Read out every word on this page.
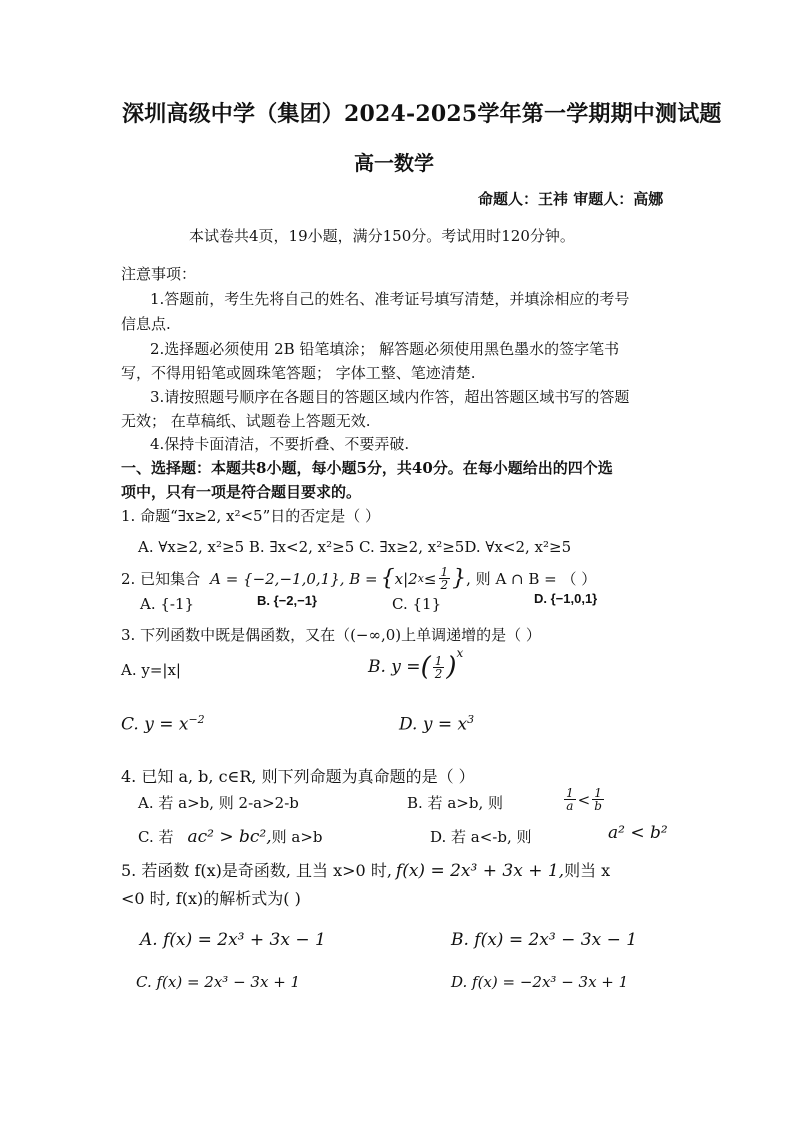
深圳高级中学（集团）2024-2025学年第一学期期中测试题
高一数学
命题人：王祎 审题人：高娜
本试卷共4页，19小题，满分150分。考试用时120分钟。
注意事项：
1.答题前，考生先将自己的姓名、准考证号填写清楚，并填涂相应的考号
信息点.
2.选择题必须使用 2B 铅笔填涂； 解答题必须使用黑色墨水的签字笔书
写，不得用铅笔或圆珠笔答题； 字体工整、笔迹清楚.
3.请按照题号顺序在各题目的答题区域内作答，超出答题区域书写的答题
无效； 在草稿纸、试题卷上答题无效.
4.保持卡面清洁，不要折叠、不要弄破.
一、选择题：本题共8小题，每小题5分，共40分。在每小题给出的四个选
项中，只有一项是符合题目要求的。
1. 命题“∃x≥2, x²<5”日的否定是（ ）
A. ∀x≥2, x²≥5 B. ∃x<2, x²≥5 C. ∃x≥2, x²≥5D. ∀x<2, x²≥5
2. 已知集合 A = {−2,−1,0,1}, B = { x|2 $x \le \frac{1}{2}$ } , 则 A ∩ B = （ ）
A. {-1}	B. {−2,−1}	C. {1}	D. {−1,0,1}
3. 下列函数中既是偶函数，又在（(−∞,0)上单调递增的是（ ）
A. y=|x|	B. y = ( $\frac{1}{2}$ ) x
C. $y = x^{-2}$	D. $y = x^3$
4. 已知 a, b, c∈R, 则下列命题为真命题的是（ ）
A. 若 a>b, 则 2-a>2-b	B. 若 a>b, 则	$\frac{1}{a} < \frac{1}{b}$
C. 若 ac² > bc², 则 a>b	D. 若 a<-b, 则	a² < b²
5. 若函数 f(x)是奇函数, 且当 x>0 时, f(x) = 2x³ + 3x + 1, 则当 x
<0 时, f(x)的解析式为( )
A. f(x) = 2x³ + 3x − 1	B. f(x) = 2x³ − 3x − 1
C. f(x) = 2x³ − 3x + 1	D. f(x) = −2x³ − 3x + 1
